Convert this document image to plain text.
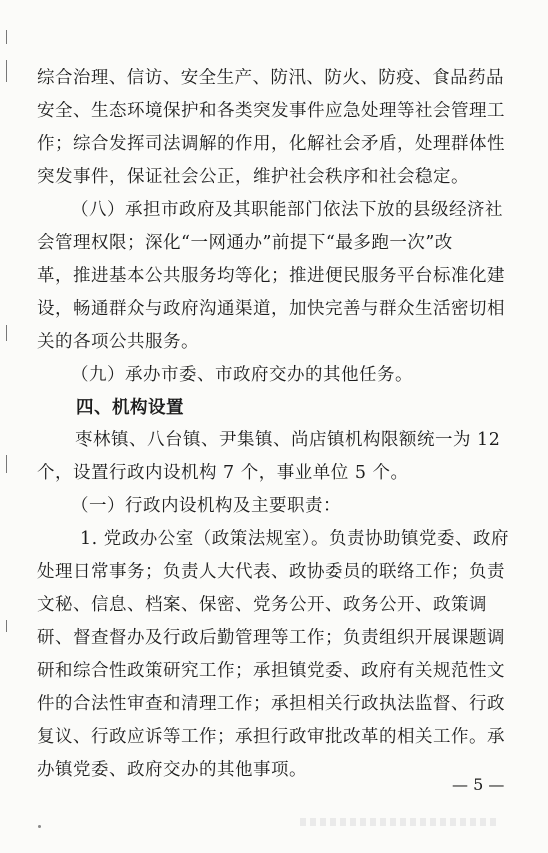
综合治理、信访、安全生产、防汛、防火、防疫、食品药品
安全、生态环境保护和各类突发事件应急处理等社会管理工
作；综合发挥司法调解的作用，化解社会矛盾，处理群体性
突发事件，保证社会公正，维护社会秩序和社会稳定。
（八）承担市政府及其职能部门依法下放的县级经济社
会管理权限；深化“一网通办”前提下“最多跑一次”改
革，推进基本公共服务均等化；推进便民服务平台标准化建
设，畅通群众与政府沟通渠道，加快完善与群众生活密切相
关的各项公共服务。
（九）承办市委、市政府交办的其他任务。
四、机构设置
枣林镇、八台镇、尹集镇、尚店镇机构限额统一为 12
个，设置行政内设机构 7 个，事业单位 5 个。
（一）行政内设机构及主要职责：
1. 党政办公室（政策法规室）。负责协助镇党委、政府
处理日常事务；负责人大代表、政协委员的联络工作；负责
文秘、信息、档案、保密、党务公开、政务公开、政策调
研、督查督办及行政后勤管理等工作；负责组织开展课题调
研和综合性政策研究工作；承担镇党委、政府有关规范性文
件的合法性审查和清理工作；承担相关行政执法监督、行政
复议、行政应诉等工作；承担行政审批改革的相关工作。承
办镇党委、政府交办的其他事项。
— 5 —
